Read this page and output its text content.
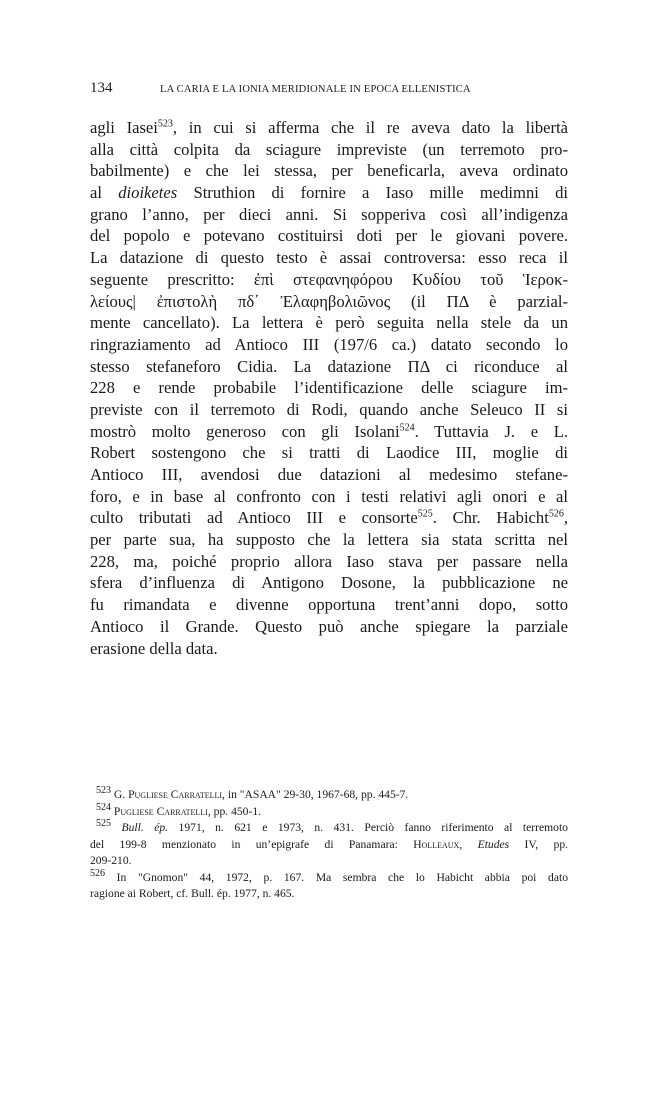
134	LA CARIA E LA IONIA MERIDIONALE IN EPOCA ELLENISTICA
agli Iasei$^{523}$, in cui si afferma che il re aveva dato la libertà
alla città colpita da sciagure impreviste (un terremoto pro-
babilmente) e che lei stessa, per beneficarla, aveva ordinato
al dioiketes Struthion di fornire a Iaso mille medimni di
grano l’anno, per dieci anni. Si sopperiva così all’indigenza
del popolo e potevano costituirsi doti per le giovani povere.
La datazione di questo testo è assai controversa: esso reca il
seguente prescritto: ἐπὶ στεφανηφόρου Κυδίου τοῦ Ἱεροκ-
λείους| ἐπιστολὴ πδ΄ Ἐλαφηβολιῶνος (il ΠΔ è parzial-
mente cancellato). La lettera è però seguita nella stele da un
ringraziamento ad Antioco III (197/6 ca.) datato secondo lo
stesso stefaneforo Cidia. La datazione ΠΔ ci riconduce al
228 e rende probabile l’identificazione delle sciagure im-
previste con il terremoto di Rodi, quando anche Seleuco II si
mostrò molto generoso con gli Isolani$^{524}$. Tuttavia J. e L.
Robert sostengono che si tratti di Laodice III, moglie di
Antioco III, avendosi due datazioni al medesimo stefane-
foro, e in base al confronto con i testi relativi agli onori e al
culto tributati ad Antioco III e consorte$^{525}$. Chr. Habicht$^{526}$,
per parte sua, ha supposto che la lettera sia stata scritta nel
228, ma, poiché proprio allora Iaso stava per passare nella
sfera d’influenza di Antigono Dosone, la pubblicazione ne
fu rimandata e divenne opportuna trent’anni dopo, sotto
Antioco il Grande. Questo può anche spiegare la parziale
erasione della data.
$^{523}$ G. Pugliese Carratelli, in "ASAA" 29-30, 1967-68, pp. 445-7.
$^{524}$ Pugliese Carratelli, pp. 450-1.
$^{525}$ Bull. ép. 1971, n. 621 e 1973, n. 431. Perciò fanno riferimento al terremoto
del 199-8 menzionato in un’epigrafe di Panamara: Holleaux, Etudes IV, pp.
209-210.
$^{526}$ In "Gnomon" 44, 1972, p. 167. Ma sembra che lo Habicht abbia poi dato
ragione ai Robert, cf. Bull. ép. 1977, n. 465.
